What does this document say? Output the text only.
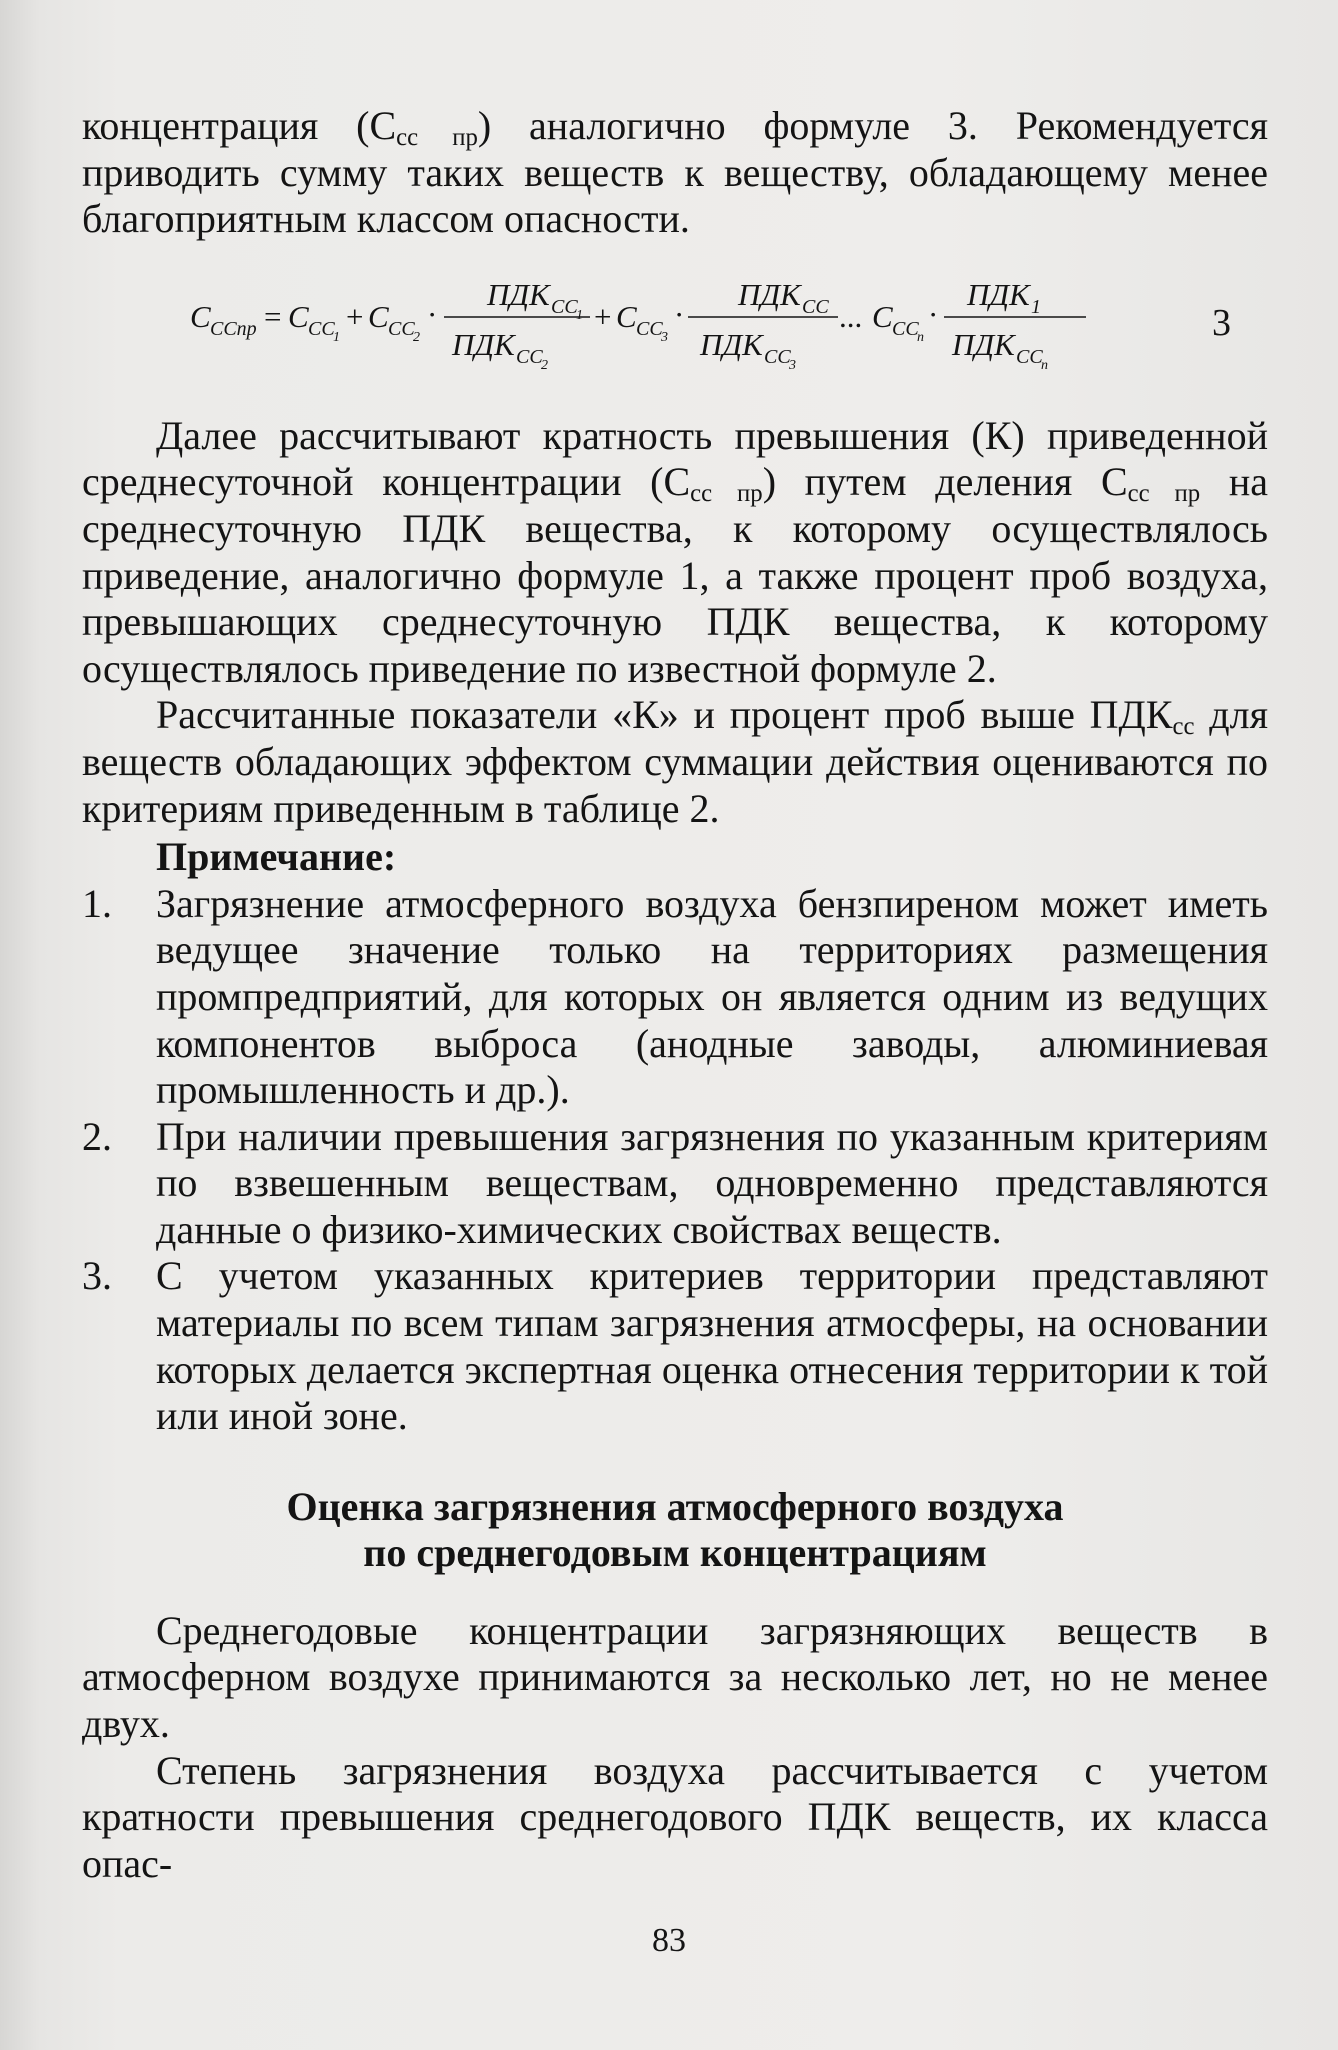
концентрация $(С_{сс пр})$ аналогично формуле 3. Рекомендуется приводить сумму таких веществ к веществу, обладающему менее благоприятным классом опасности.

C CCпр = C CC
1
+ C CC
2
·
ПДК CC
1
ПДК CC
2
+ C CC
3
·
ПДК CC
ПДК CC
3
... C CC
n
·
ПДК 1
ПДК CC
n
3

Далее рассчитывают кратность превышения (К) приведенной среднесуточной концентрации $(С_{сс пр})$ путем деления $С_{сс пр}$ на среднесуточную ПДК вещества, к которому осуществлялось приведение, аналогично формуле 1, а также процент проб воздуха, превышающих среднесуточную ПДК вещества, к которому осуществлялось приведение по известной формуле 2.

Рассчитанные показатели «К» и процент проб выше $ПДК_{сс}$ для веществ обладающих эффектом суммации действия оцениваются по критериям приведенным в таблице 2.

Примечание:
1.	Загрязнение атмосферного воздуха бензпиреном может иметь ведущее значение только на территориях размещения промпредприятий, для которых он является одним из ведущих компонентов выброса (анодные заводы, алюминиевая промышленность и др.).
2.	При наличии превышения загрязнения по указанным критериям по взвешенным веществам, одновременно представляются данные о физико-химических свойствах веществ.
3.	С учетом указанных критериев территории представляют материалы по всем типам загрязнения атмосферы, на основании которых делается экспертная оценка отнесения территории к той или иной зоне.
Оценка загрязнения атмосферного воздуха
по среднегодовым концентрациям

Среднегодовые концентрации загрязняющих веществ в атмосферном воздухе принимаются за несколько лет, но не менее двух.

Степень загрязнения воздуха рассчитывается с учетом кратности превышения среднегодового ПДК веществ, их класса опас-

83
